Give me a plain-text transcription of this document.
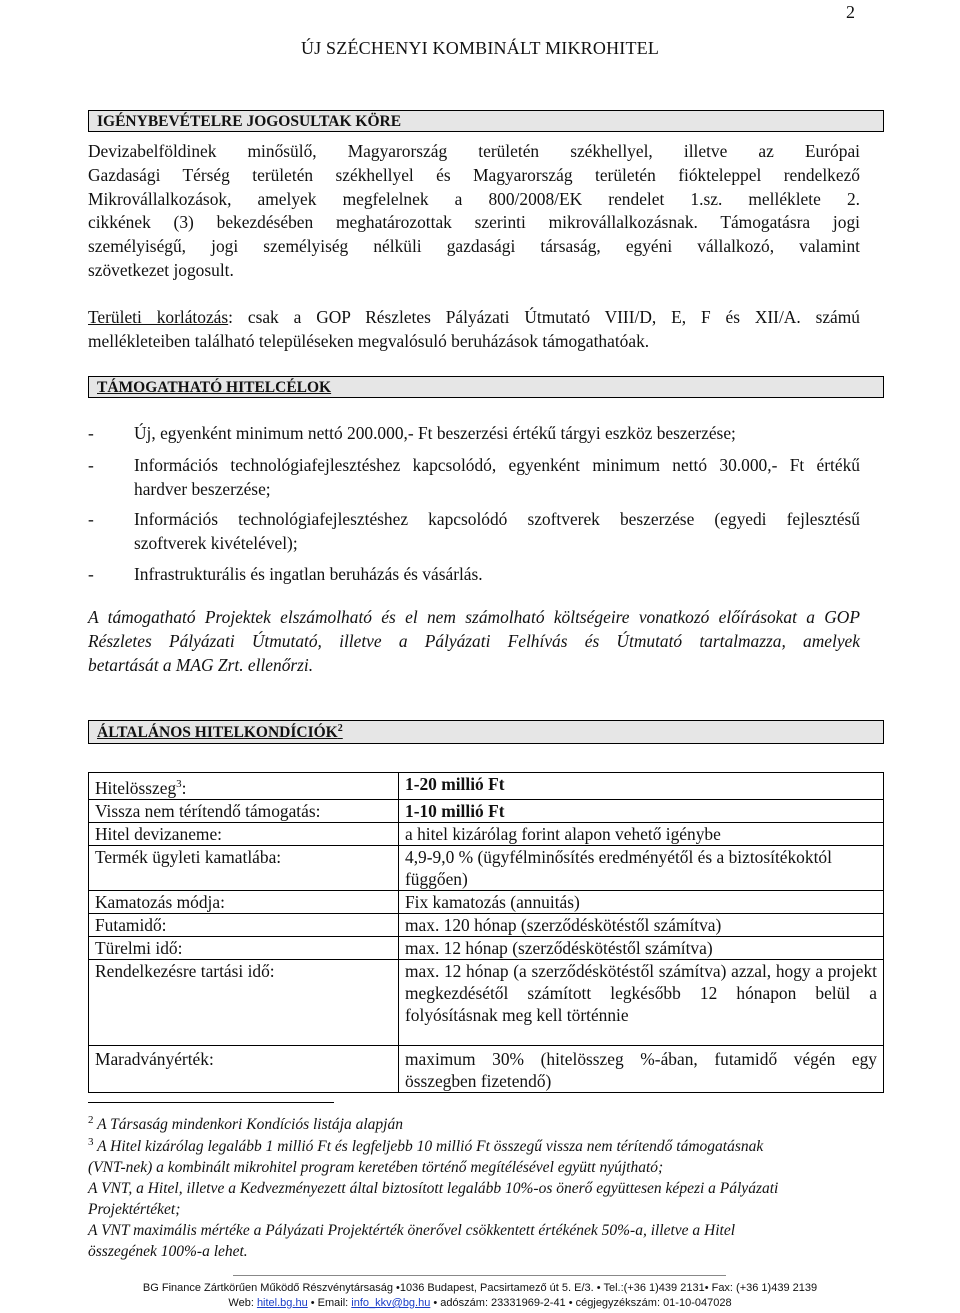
2
ÚJ SZÉCHENYI KOMBINÁLT MIKROHITEL
IGÉNYBEVÉTELRE JOGOSULTAK KÖRE
Devizabelföldinek minősülő, Magyarország területén székhellyel, illetve az Európai
Gazdasági Térség területén székhellyel és Magyarország területén fiókteleppel rendelkező
Mikrovállalkozások, amelyek megfelelnek a 800/2008/EK rendelet 1.sz. melléklete 2.
cikkének (3) bekezdésében meghatározottak szerinti mikrovállalkozásnak. Támogatásra jogi
személyiségű, jogi személyiség nélküli gazdasági társaság, egyéni vállalkozó, valamint
szövetkezet jogosult.
Területi korlátozás: csak a GOP Részletes Pályázati Útmutató VIII/D, E, F és XII/A. számú
mellékleteiben található településeken megvalósuló beruházások támogathatóak.
TÁMOGATHATÓ HITELCÉLOK
- Új, egyenként minimum nettó 200.000,- Ft beszerzési értékű tárgyi eszköz beszerzése;
- Információs technológiafejlesztéshez kapcsolódó, egyenként minimum nettó 30.000,- Ft értékű
hardver beszerzése;
- Információs technológiafejlesztéshez kapcsolódó szoftverek beszerzése (egyedi fejlesztésű
szoftverek kivételével);
- Infrastrukturális és ingatlan beruházás és vásárlás.
A támogatható Projektek elszámolható és el nem számolható költségeire vonatkozó előírásokat a GOP
Részletes Pályázati Útmutató, illetve a Pályázati Felhívás és Útmutató tartalmazza, amelyek
betartását a MAG Zrt. ellenőrzi.
ÁLTALÁNOS HITELKONDÍCIÓK$^2$
Hitelösszeg$^3$:	1-20 millió Ft
Vissza nem térítendő támogatás:	1-10 millió Ft
Hitel devizaneme:	a hitel kizárólag forint alapon vehető igénybe
Termék ügyleti kamatlába:	4,9-9,0 % (ügyfélminősítés eredményétől és a biztosítékoktól függően)
Kamatozás módja:	Fix kamatozás (annuitás)
Futamidő:	max. 120 hónap (szerződéskötéstől számítva)
Türelmi idő:	max. 12 hónap (szerződéskötéstől számítva)
Rendelkezésre tartási idő:	max. 12 hónap (a szerződéskötéstől számítva) azzal, hogy a projekt megkezdésétől számított legkésőbb 12 hónapon belül a folyósításnak meg kell történnie
Maradványérték:	maximum 30% (hitelösszeg %-ában, futamidő végén egy összegben fizetendő)
$^2$ A Társaság mindenkori Kondíciós listája alapján
$^3$ A Hitel kizárólag legalább 1 millió Ft és legfeljebb 10 millió Ft összegű vissza nem térítendő támogatásnak
(VNT-nek) a kombinált mikrohitel program keretében történő megítélésével együtt nyújtható;
A VNT, a Hitel, illetve a Kedvezményezett által biztosított legalább 10%-os önerő együttesen képezi a Pályázati
Projektértéket;
A VNT maximális mértéke a Pályázati Projektérték önerővel csökkentett értékének 50%-a, illetve a Hitel
összegének 100%-a lehet.
BG Finance Zártkörűen Működő Részvénytársaság •1036 Budapest, Pacsirtamező út 5. E/3. • Tel.:(+36 1)439 2131• Fax: (+36 1)439 2139
Web: hitel.bg.hu • Email: info_kkv@bg.hu • adószám: 23331969-2-41 • cégjegyzékszám: 01-10-047028
